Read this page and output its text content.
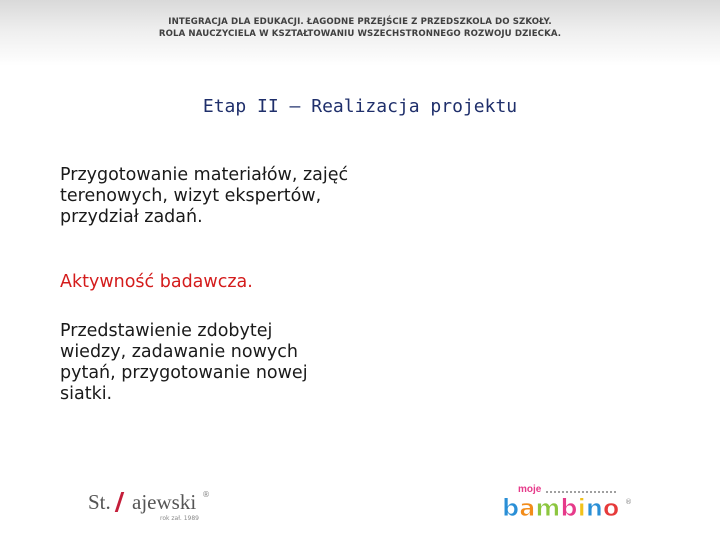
INTEGRACJA DLA EDUKACJI. ŁAGODNE PRZEJŚCIE Z PRZEDSZKOLA DO SZKOŁY.
ROLA NAUCZYCIELA W KSZTAŁTOWANIU WSZECHSTRONNEGO ROZWOJU DZIECKA.
Etap II – Realizacja projektu
Przygotowanie materiałów, zajęć
terenowych, wizyt ekspertów,
przydział zadań.
Aktywność badawcza.
Przedstawienie zdobytej
wiedzy, zadawanie nowych
pytań, przygotowanie nowej
siatki.
St. ajewski ®
rok zał. 1989
moje
bambino ®
